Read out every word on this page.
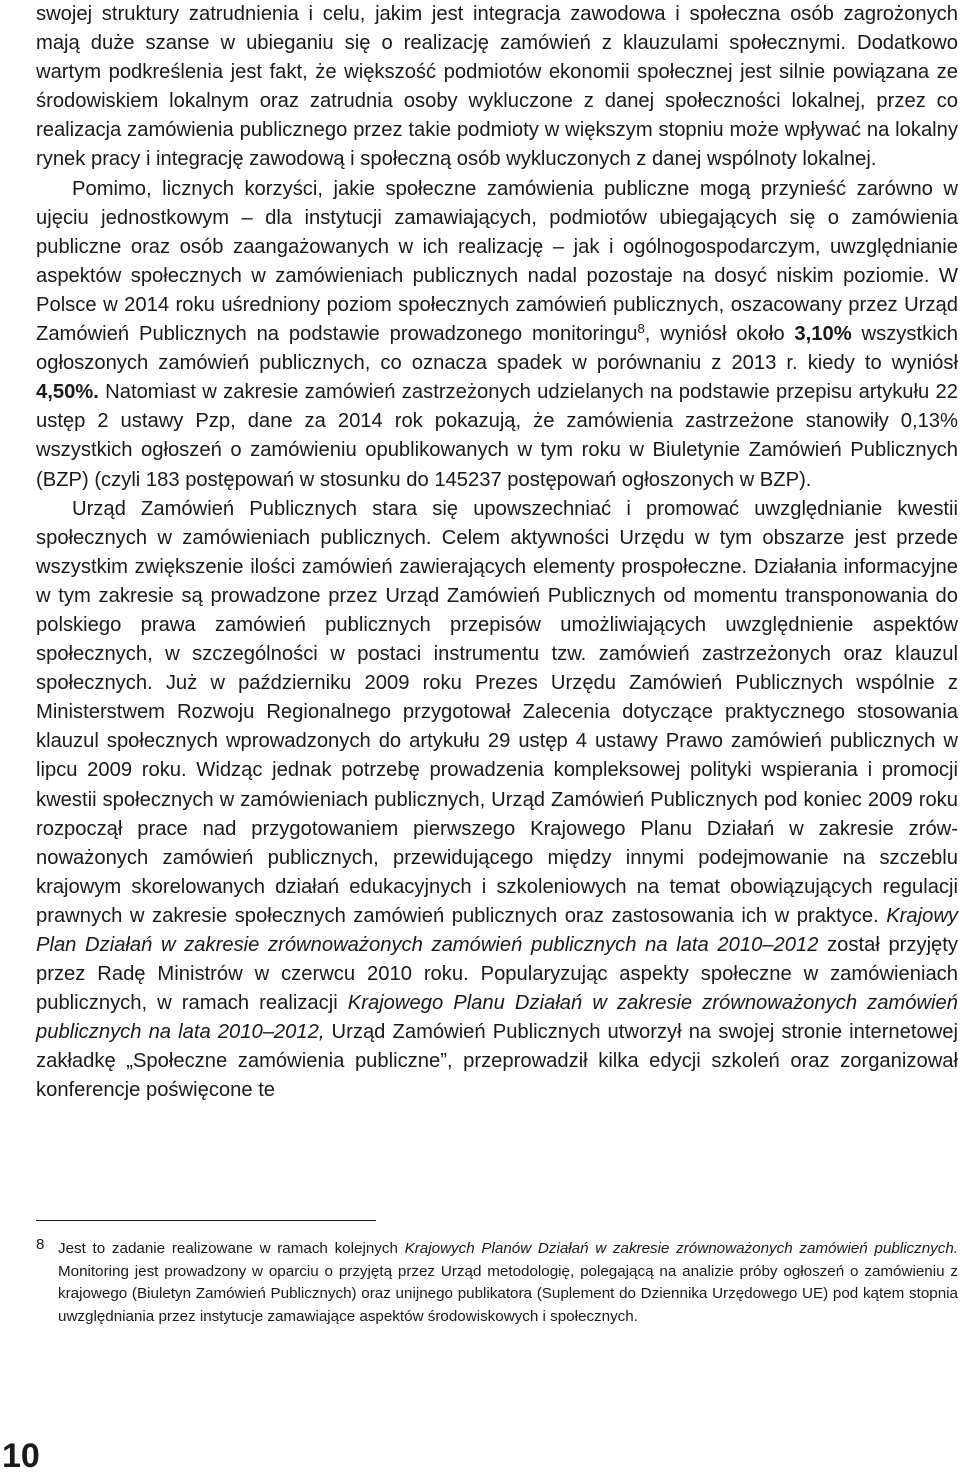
swojej struktury zatrudnienia i celu, jakim jest integracja zawodowa i społeczna osób zagrożonych mają duże szanse w ubieganiu się o realizację zamówień z klauzulami społecznymi. Dodatkowo wartym podkreślenia jest fakt, że większość podmiotów ekonomii społecznej jest silnie powiązana ze środowiskiem lokalnym oraz zatrudnia osoby wykluczone z danej społeczności lokalnej, przez co realizacja zamówienia publicznego przez takie podmioty w większym stopniu może wpływać na lokalny rynek pracy i integrację zawodową i społeczną osób wykluczonych z danej wspólnoty lokalnej.

Pomimo, licznych korzyści, jakie społeczne zamówienia publiczne mogą przynieść zarówno w ujęciu jednostkowym – dla instytucji zamawiających, podmiotów ubiegających się o zamówienia publiczne oraz osób zaangażowanych w ich realizację – jak i ogólnogospodarczym, uwzględnianie aspektów społecznych w zamówieniach publicznych nadal pozostaje na dosyć niskim poziomie. W Polsce w 2014 roku uśredniony poziom społecznych zamówień publicznych, oszacowany przez Urząd Zamówień Publicznych na podstawie prowadzonego monitoringu$^8$, wyniósł około 3,10% wszystkich ogłoszonych zamówień publicznych, co oznacza spadek w porównaniu z 2013 r. kiedy to wyniósł 4,50%. Natomiast w zakresie zamówień zastrzeżonych udzielanych na podstawie przepisu artykułu 22 ustęp 2 ustawy Pzp, dane za 2014 rok pokazują, że zamówienia zastrzeżone stanowiły 0,13% wszystkich ogłoszeń o zamówieniu opublikowanych w tym roku w Biuletynie Zamówień Publicznych (BZP) (czyli 183 postępowań w stosunku do 145237 postępowań ogłoszonych w BZP).

Urząd Zamówień Publicznych stara się upowszechniać i promować uwzględnianie kwestii społecznych w zamówieniach publicznych. Celem aktywności Urzędu w tym obszarze jest przede wszystkim zwiększenie ilości zamówień zawierających elementy prospołeczne. Działania informacyjne w tym zakresie są prowadzone przez Urząd Zamówień Publicznych od momentu transponowania do polskiego prawa zamówień publicznych przepisów umożliwiających uwzględnienie aspektów społecznych, w szczególności w postaci instrumentu tzw. zamówień zastrzeżonych oraz klauzul społecznych. Już w październiku 2009 roku Prezes Urzędu Zamówień Publicznych wspólnie z Ministerstwem Rozwoju Regionalnego przygotował Zalecenia dotyczące praktycznego stosowania klauzul społecznych wprowadzonych do artykułu 29 ustęp 4 ustawy Prawo zamówień publicznych w lipcu 2009 roku. Widząc jednak potrzebę prowadzenia kompleksowej polityki wspierania i promocji kwestii społecznych w zamówieniach publicznych, Urząd Zamówień Publicznych pod koniec 2009 roku rozpoczął prace nad przygotowaniem pierwszego Krajowego Planu Działań w zakresie zrównoważonych zamówień publicznych, przewidującego między innymi podejmowanie na szczeblu krajowym skorelowanych działań edukacyjnych i szkoleniowych na temat obowiązujących regulacji prawnych w zakresie społecznych zamówień publicznych oraz zastosowania ich w praktyce. Krajowy Plan Działań w zakresie zrównoważonych zamówień publicznych na lata 2010–2012 został przyjęty przez Radę Ministrów w czerwcu 2010 roku. Popularyzując aspekty społeczne w zamówieniach publicznych, w ramach realizacji Krajowego Planu Działań w zakresie zrównoważonych zamówień publicznych na lata 2010–2012, Urząd Zamówień Publicznych utworzył na swojej stronie internetowej zakładkę „Społeczne zamówienia publiczne”, przeprowadził kilka edycji szkoleń oraz zorganizował konferencje poświęcone te

8 Jest to zadanie realizowane w ramach kolejnych Krajowych Planów Działań w zakresie zrównoważonych zamówień publicznych. Monitoring jest prowadzony w oparciu o przyjętą przez Urząd metodologię, polegającą na analizie próby ogłoszeń o zamówieniu z krajowego (Biuletyn Zamówień Publicznych) oraz unijnego publikatora (Suplement do Dziennika Urzędowego UE) pod kątem stopnia uwzględniania przez instytucje zamawiające aspektów środowiskowych i społecznych.
10
